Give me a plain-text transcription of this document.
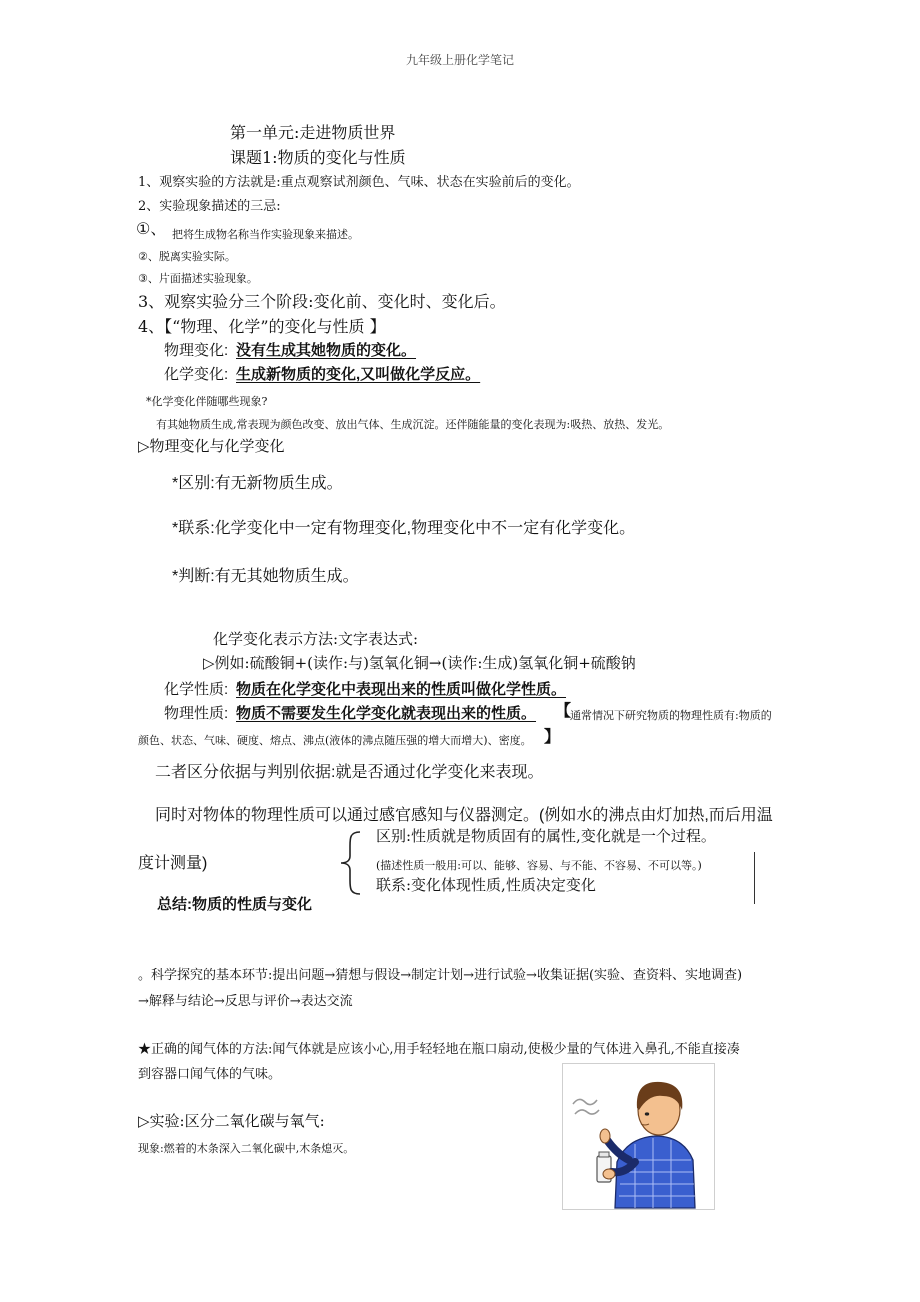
九年级上册化学笔记
第一单元:走进物质世界
课题1:物质的变化与性质
1、观察实验的方法就是:重点观察试剂颜色、气味、状态在实验前后的变化。
2、实验现象描述的三忌:
①、 把将生成物名称当作实验现象来描述。
②、脱离实验实际。
③、片面描述实验现象。
3、观察实验分三个阶段:变化前、变化时、变化后。
4、【“物理、化学”的变化与性质 】
物理变化: 没有生成其她物质的变化。
化学变化: 生成新物质的变化,又叫做化学反应。
*化学变化伴随哪些现象?
有其她物质生成,常表现为颜色改变、放出气体、生成沉淀。还伴随能量的变化表现为:吸热、放热、发光。
▷物理变化与化学变化
*区别:有无新物质生成。
*联系:化学变化中一定有物理变化,物理变化中不一定有化学变化。
*判断:有无其她物质生成。
化学变化表示方法:文字表达式:
▷例如:硫酸铜+(读作:与)氢氧化铜→(读作:生成)氢氧化铜+硫酸钠
化学性质: 物质在化学变化中表现出来的性质叫做化学性质。
物理性质: 物质不需要发生化学变化就表现出来的性质。 【
通常情况下研究物质的物理性质有:物质的
颜色、状态、气味、硬度、熔点、沸点(液体的沸点随压强的增大而增大)、密度。 】
二者区分依据与判别依据:就是否通过化学变化来表现。
同时对物体的物理性质可以通过感官感知与仪器测定。(例如水的沸点由灯加热,而后用温
度计测量)
区别:性质就是物质固有的属性,变化就是一个过程。
(描述性质一般用:可以、能够、容易、与不能、不容易、不可以等。)
联系:变化体现性质,性质决定变化
总结:物质的性质与变化
。科学探究的基本环节:提出问题→猜想与假设→制定计划→进行试验→收集证据(实验、查资料、实地调查)
→解释与结论→反思与评价→表达交流
★正确的闻气体的方法:闻气体就是应该小心,用手轻轻地在瓶口扇动,使极少量的气体进入鼻孔,不能直接凑
到容器口闻气体的气味。
▷实验:区分二氧化碳与氧气:
现象:燃着的木条深入二氧化碳中,木条熄灭。
